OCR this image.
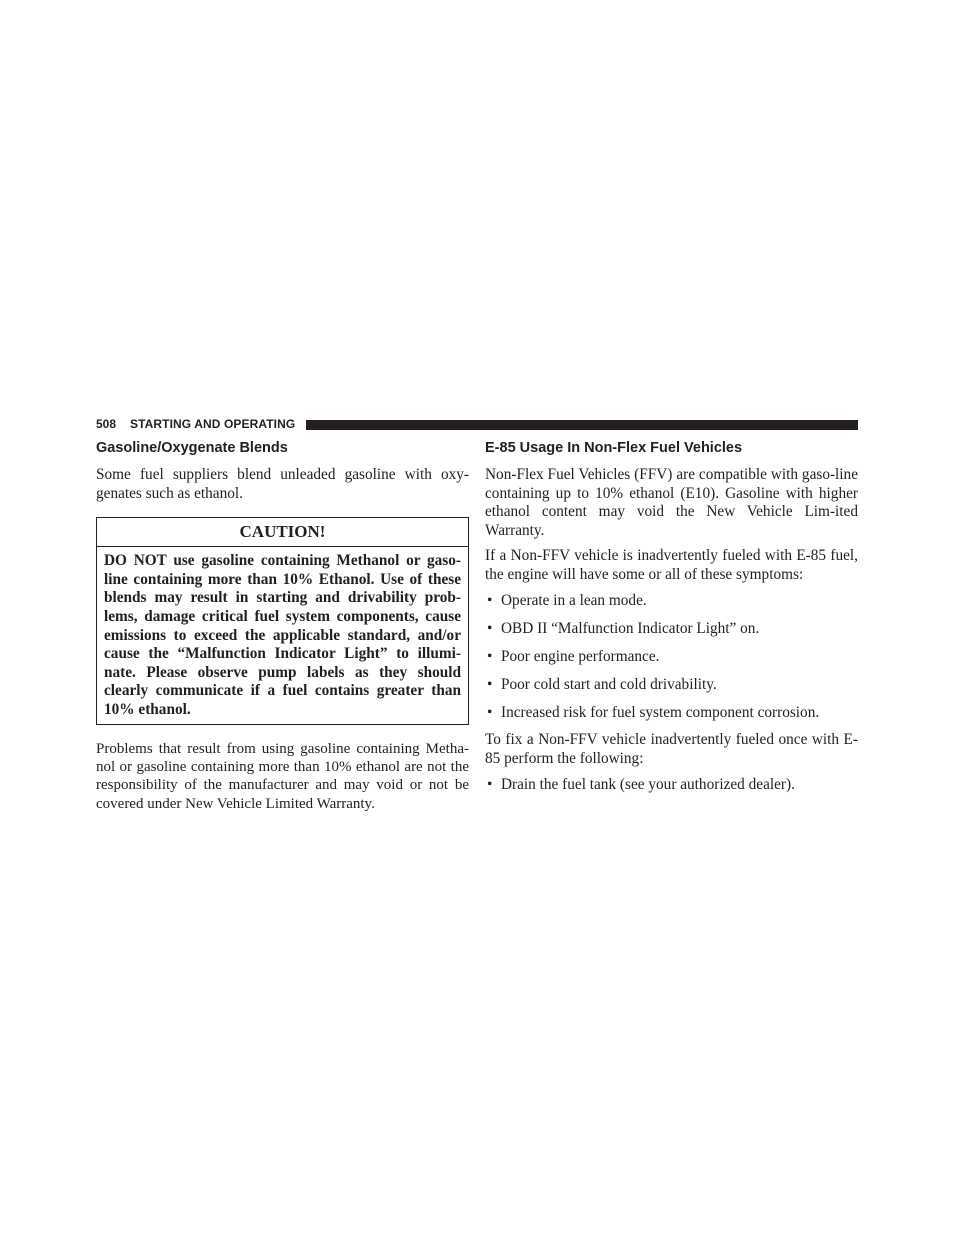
508 STARTING AND OPERATING
Gasoline/Oxygenate Blends

Some fuel suppliers blend unleaded gasoline with oxy-genates such as ethanol.

CAUTION!
DO NOT use gasoline containing Methanol or gaso-line containing more than 10% Ethanol. Use of these blends may result in starting and drivability prob-lems, damage critical fuel system components, cause emissions to exceed the applicable standard, and/or cause the “Malfunction Indicator Light” to illumi-nate. Please observe pump labels as they should clearly communicate if a fuel contains greater than 10% ethanol.

Problems that result from using gasoline containing Metha-nol or gasoline containing more than 10% ethanol are not the responsibility of the manufacturer and may void or not be covered under New Vehicle Limited Warranty.

E-85 Usage In Non-Flex Fuel Vehicles

Non-Flex Fuel Vehicles (FFV) are compatible with gaso-line containing up to 10% ethanol (E10). Gasoline with higher ethanol content may void the New Vehicle Lim-ited Warranty.

If a Non-FFV vehicle is inadvertently fueled with E-85 fuel, the engine will have some or all of these symptoms:

• Operate in a lean mode.
• OBD II “Malfunction Indicator Light” on.
• Poor engine performance.
• Poor cold start and cold drivability.
• Increased risk for fuel system component corrosion.

To fix a Non-FFV vehicle inadvertently fueled once with E-85 perform the following:

• Drain the fuel tank (see your authorized dealer).
